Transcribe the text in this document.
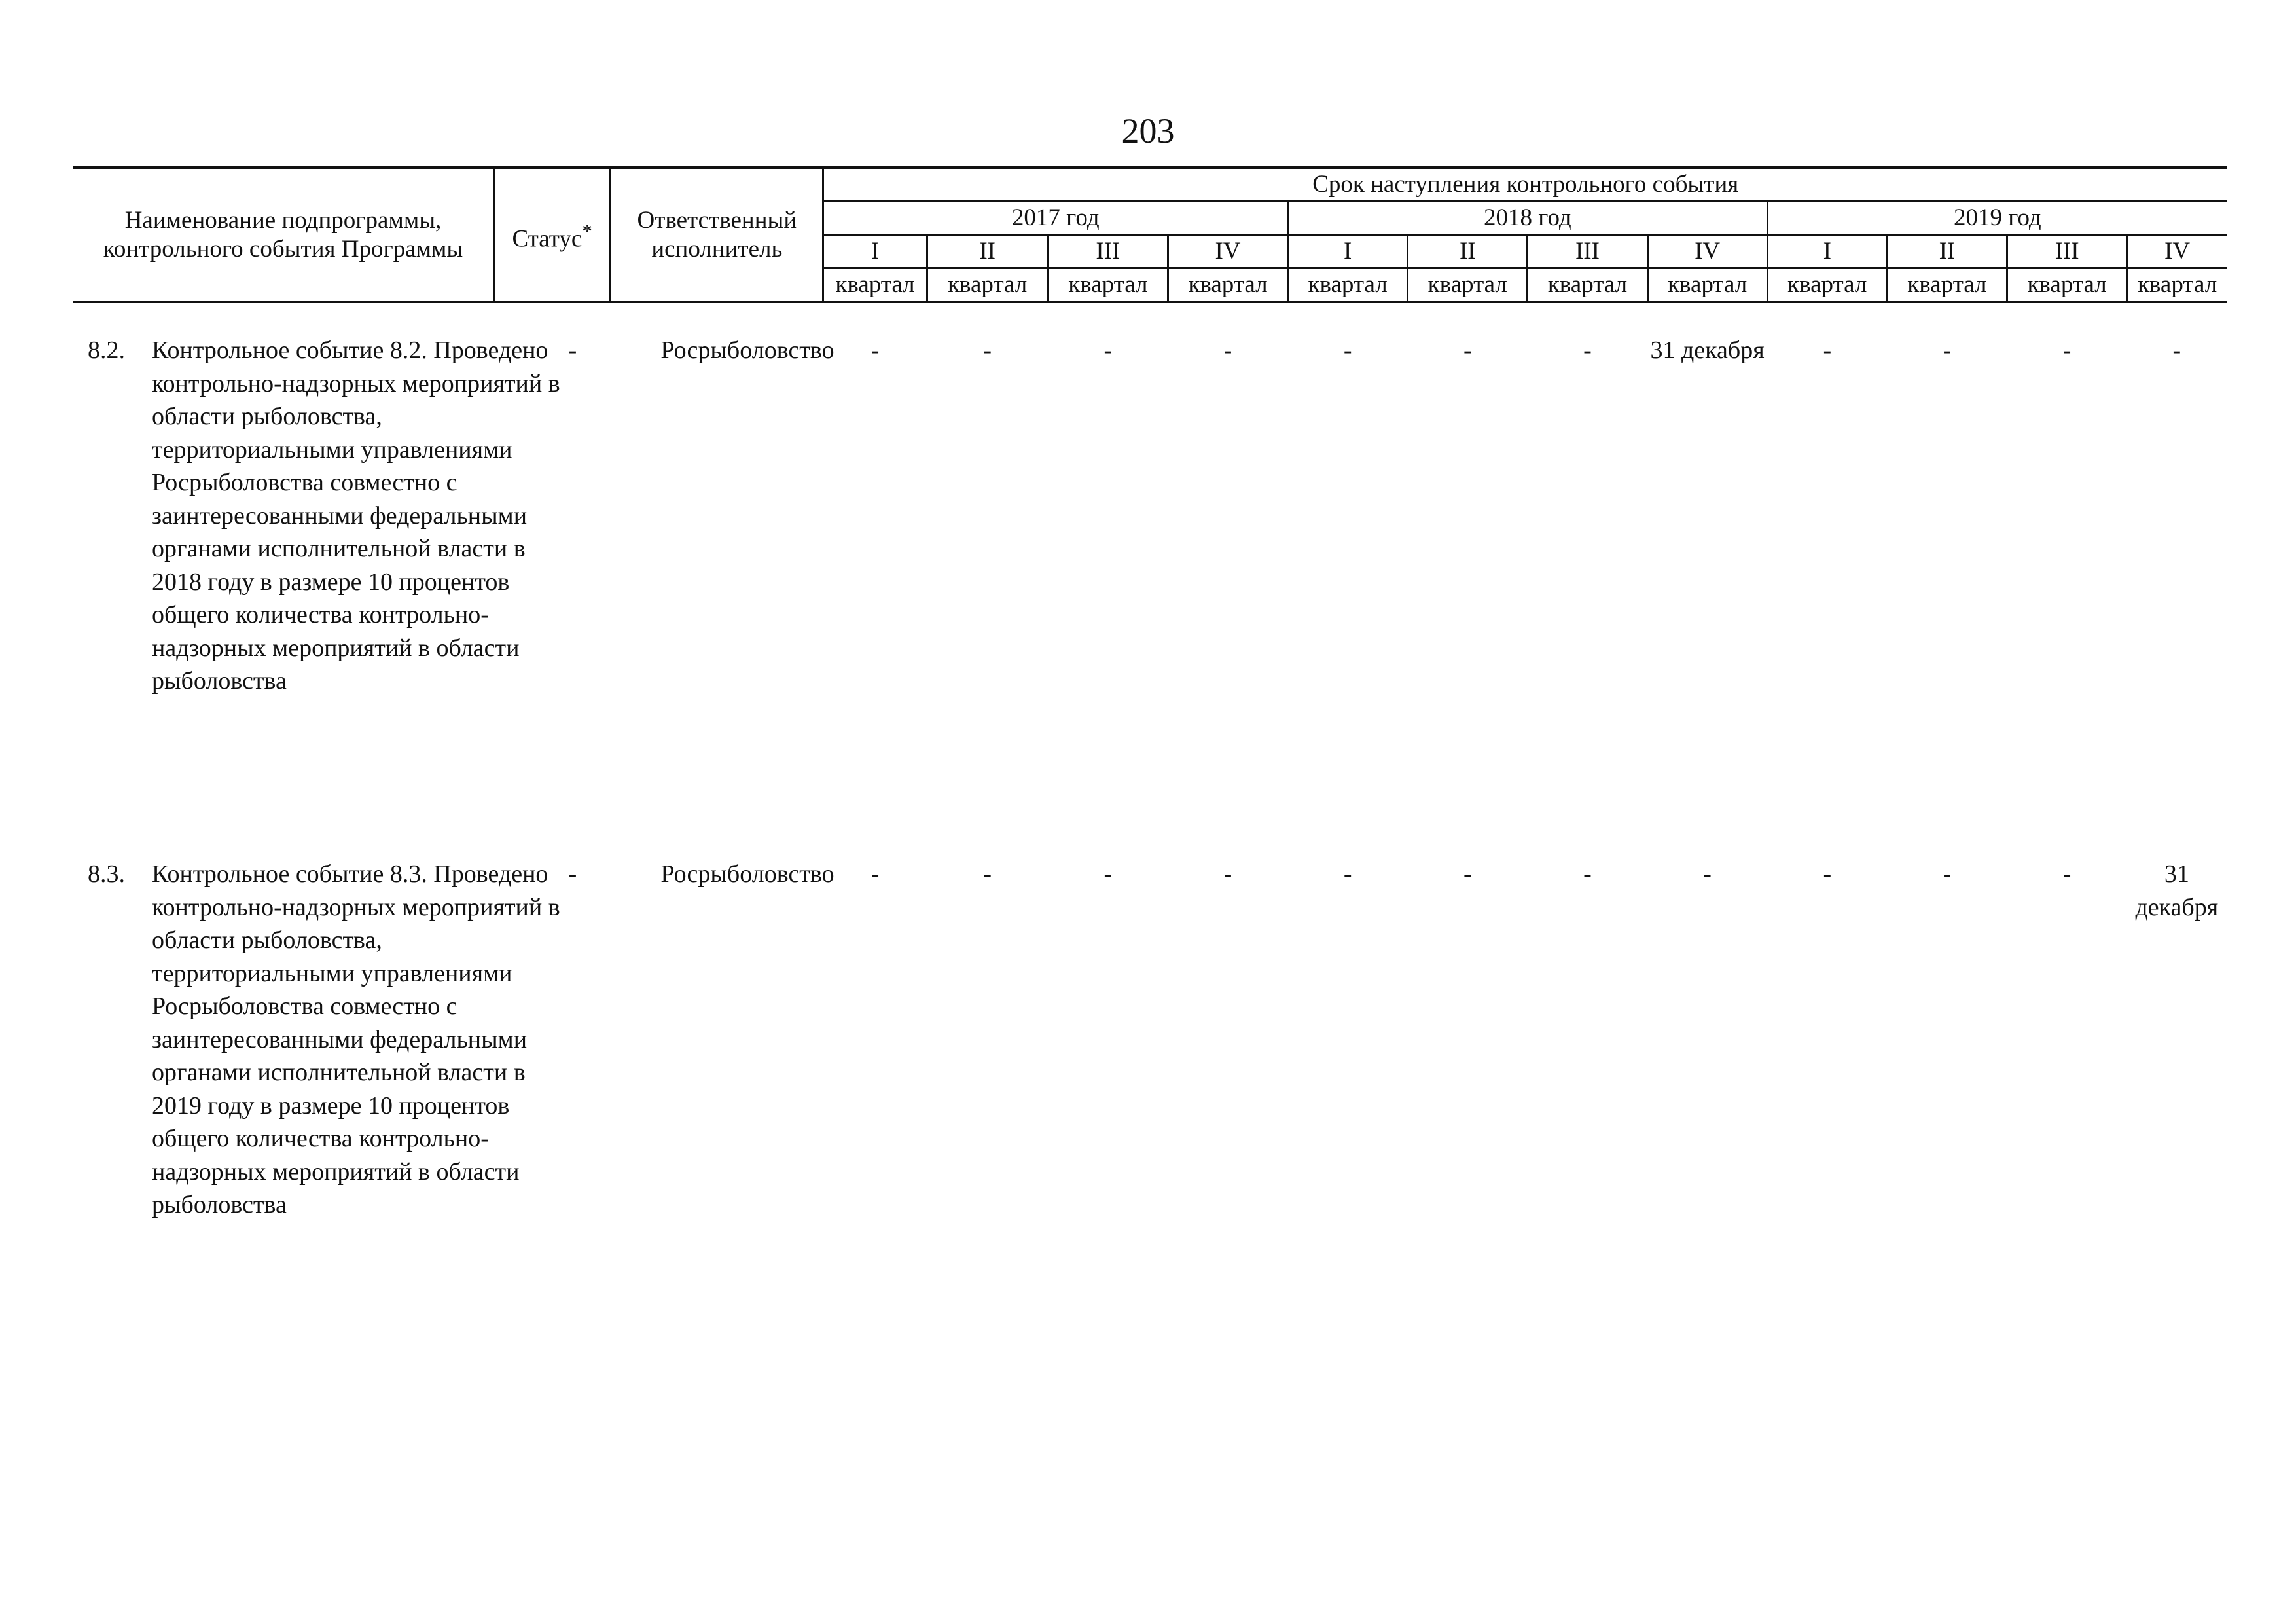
203
Наименование подпрограммы, контрольного события Программы	Статус*	Ответственный исполнитель	Срок наступления контрольного события											
			2017 год				2018 год				2019 год			
			I	II	III	IV	I	II	III	IV	I	II	III	IV
			квартал	квартал	квартал	квартал	квартал	квартал	квартал	квартал	квартал	квартал	квартал	квартал
8.2. Контрольное событие 8.2. Проведено контрольно-надзорных мероприятий в области рыболовства, территориальными управлениями Росрыболовства совместно с заинтересованными федеральными органами исполнительной власти в 2018 году в размере 10 процентов общего количества контрольно-надзорных мероприятий в области рыболовства
-	Росрыболовство	-	-	-	-	-	-	-	31 декабря	-	-	-	-
8.3. Контрольное событие 8.3. Проведено контрольно-надзорных мероприятий в области рыболовства, территориальными управлениями Росрыболовства совместно с заинтересованными федеральными органами исполнительной власти в 2019 году в размере 10 процентов общего количества контрольно-надзорных мероприятий в области рыболовства
-	Росрыболовство	-	-	-	-	-	-	-	-	-	-	-	31 декабря
